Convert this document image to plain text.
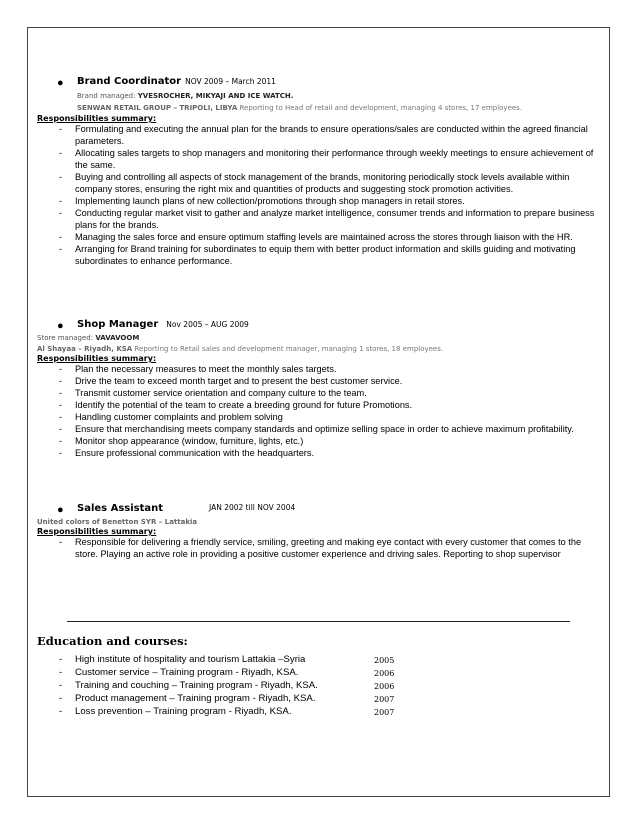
● Brand Coordinator NOV 2009 – March 2011
Brand managed: YVESROCHER, MIKYAJI AND ICE WATCH.
SENWAN RETAIL GROUP – TRIPOLI, LIBYA Reporting to Head of retail and development, managing 4 stores, 17 employees.
Responsibilities summary:
- Formulating and executing the annual plan for the brands to ensure operations/sales are conducted within the agreed financial parameters.
- Allocating sales targets to shop managers and monitoring their performance through weekly meetings to ensure achievement of the same.
- Buying and controlling all aspects of stock management of the brands, monitoring periodically stock levels available within company stores, ensuring the right mix and quantities of products and suggesting stock promotion activities.
- Implementing launch plans of new collection/promotions through shop managers in retail stores.
- Conducting regular market visit to gather and analyze market intelligence, consumer trends and information to prepare business plans for the brands.
- Managing the sales force and ensure optimum staffing levels are maintained across the stores through liaison with the HR.
- Arranging for Brand training for subordinates to equip them with better product information and skills guiding and motivating subordinates to enhance performance.
● Shop Manager Nov 2005 – AUG 2009
Store managed: VAVAVOOM
Al Shayaa – Riyadh, KSA Reporting to Retail sales and development manager, managing 1 stores, 18 employees.
Responsibilities summary:
- Plan the necessary measures to meet the monthly sales targets.
- Drive the team to exceed month target and to present the best customer service.
- Transmit customer service orientation and company culture to the team.
- Identify the potential of the team to create a breeding ground for future Promotions.
- Handling customer complaints and problem solving
- Ensure that merchandising meets company standards and optimize selling space in order to achieve maximum profitability.
- Monitor shop appearance (window, furniture, lights, etc.)
- Ensure professional communication with the headquarters.
● Sales Assistant	JAN 2002 till NOV 2004
United colors of Benetton SYR – Lattakia
Responsibilities summary:
- Responsible for delivering a friendly service, smiling, greeting and making eye contact with every customer that comes to the store. Playing an active role in providing a positive customer experience and driving sales. Reporting to shop supervisor
Education and courses:
- High institute of hospitality and tourism Lattakia –Syria	2005
- Customer service – Training program - Riyadh, KSA.	2006
- Training and couching – Training program - Riyadh, KSA.	2006
- Product management – Training program - Riyadh, KSA.	2007
- Loss prevention – Training program - Riyadh, KSA.	2007
